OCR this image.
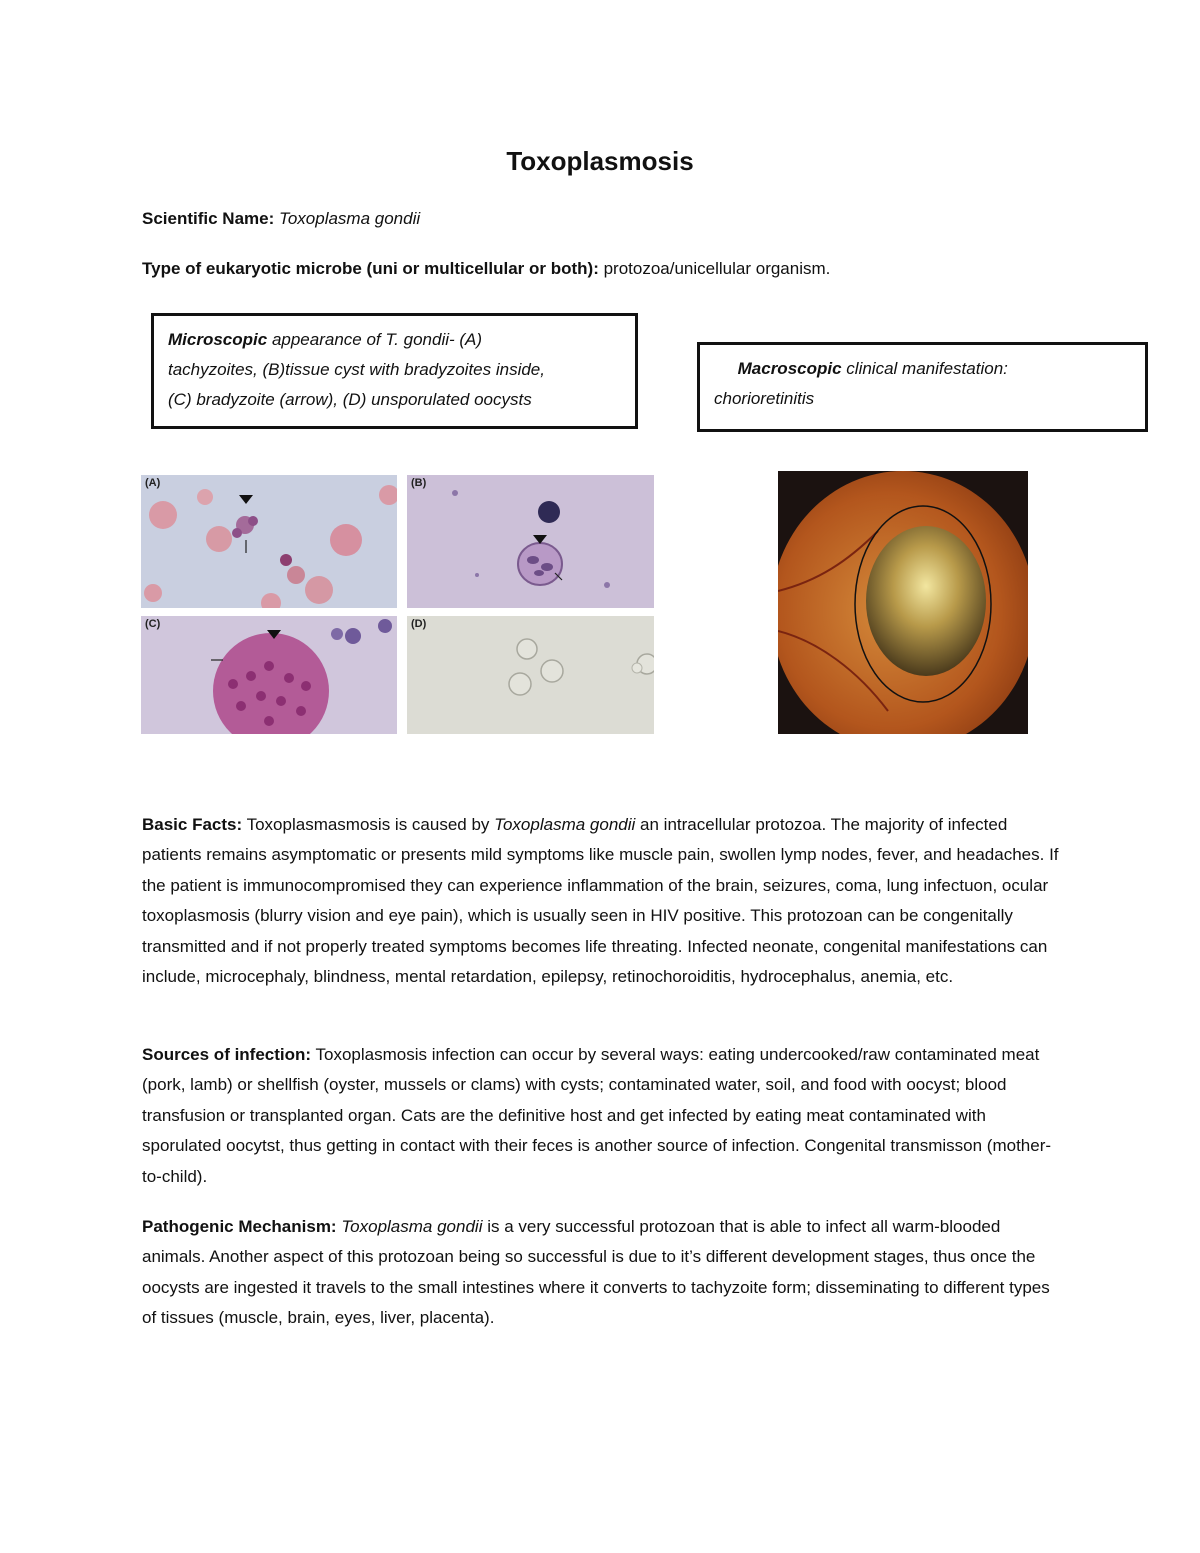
Toxoplasmosis
Scientific Name: Toxoplasma gondii
Type of eukaryotic microbe (uni or multicellular or both): protozoa/unicellular organism.
Microscopic appearance of T. gondii- (A)
tachyzoites, (B)tissue cyst with bradyzoites inside,
(C) bradyzoite (arrow), (D) unsporulated oocysts
Macroscopic clinical manifestation:
chorioretinitis
(A)	(B)
(C)	(D)
Basic Facts: Toxoplasmasmosis is caused by Toxoplasma gondii an intracellular protozoa. The majority of infected patients remains asymptomatic or presents mild symptoms like muscle pain, swollen lymp nodes, fever, and headaches. If the patient is immunocompromised they can experience inflammation of the brain, seizures, coma, lung infectuon, ocular toxoplasmosis (blurry vision and eye pain), which is usually seen in HIV positive. This protozoan can be congenitally transmitted and if not properly treated symptoms becomes life threating. Infected neonate, congenital manifestations can include, microcephaly, blindness, mental retardation, epilepsy, retinochoroiditis, hydrocephalus, anemia, etc.
Sources of infection: Toxoplasmosis infection can occur by several ways: eating undercooked/raw contaminated meat (pork, lamb) or shellfish (oyster, mussels or clams) with cysts; contaminated water, soil, and food with oocyst; blood transfusion or transplanted organ. Cats are the definitive host and get infected by eating meat contaminated with sporulated oocytst, thus getting in contact with their feces is another source of infection. Congenital transmisson (mother-to-child).
Pathogenic Mechanism: Toxoplasma gondii is a very successful protozoan that is able to infect all warm-blooded animals. Another aspect of this protozoan being so successful is due to it’s different development stages, thus once the oocysts are ingested it travels to the small intestines where it converts to tachyzoite form; disseminating to different types of tissues (muscle, brain, eyes, liver, placenta).
